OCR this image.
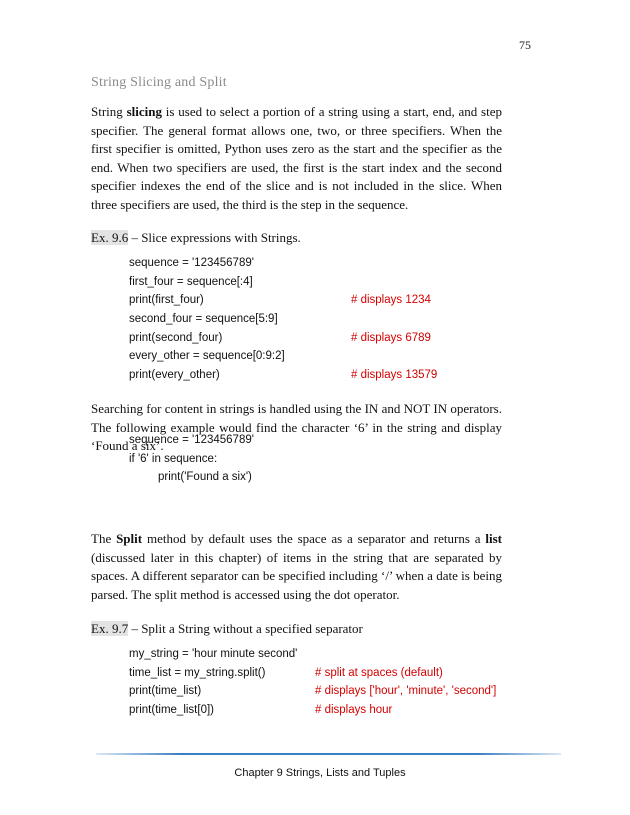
75
String Slicing and Split
String slicing is used to select a portion of a string using a start, end, and step specifier. The general format allows one, two, or three specifiers. When the first specifier is omitted, Python uses zero as the start and the specifier as the end. When two specifiers are used, the first is the start index and the second specifier indexes the end of the slice and is not included in the slice. When three specifiers are used, the third is the step in the sequence.
Ex. 9.6 – Slice expressions with Strings.
sequence = '123456789'
first_four = sequence[:4]
print(first_four)	# displays 1234
second_four = sequence[5:9]
print(second_four)	# displays 6789
every_other = sequence[0:9:2]
print(every_other)	# displays 13579
Searching for content in strings is handled using the IN and NOT IN operators. The following example would find the character ‘6’ in the string and display ‘Found a six’.
sequence = '123456789'
if '6' in sequence:
print('Found a six')
The Split method by default uses the space as a separator and returns a list (discussed later in this chapter) of items in the string that are separated by spaces. A different separator can be specified including ‘/’ when a date is being parsed. The split method is accessed using the dot operator.
Ex. 9.7 – Split a String without a specified separator
my_string = 'hour minute second'
time_list = my_string.split()	# split at spaces (default)
print(time_list)	# displays ['hour', 'minute', 'second']
print(time_list[0])	# displays hour
Chapter 9 Strings, Lists and Tuples
